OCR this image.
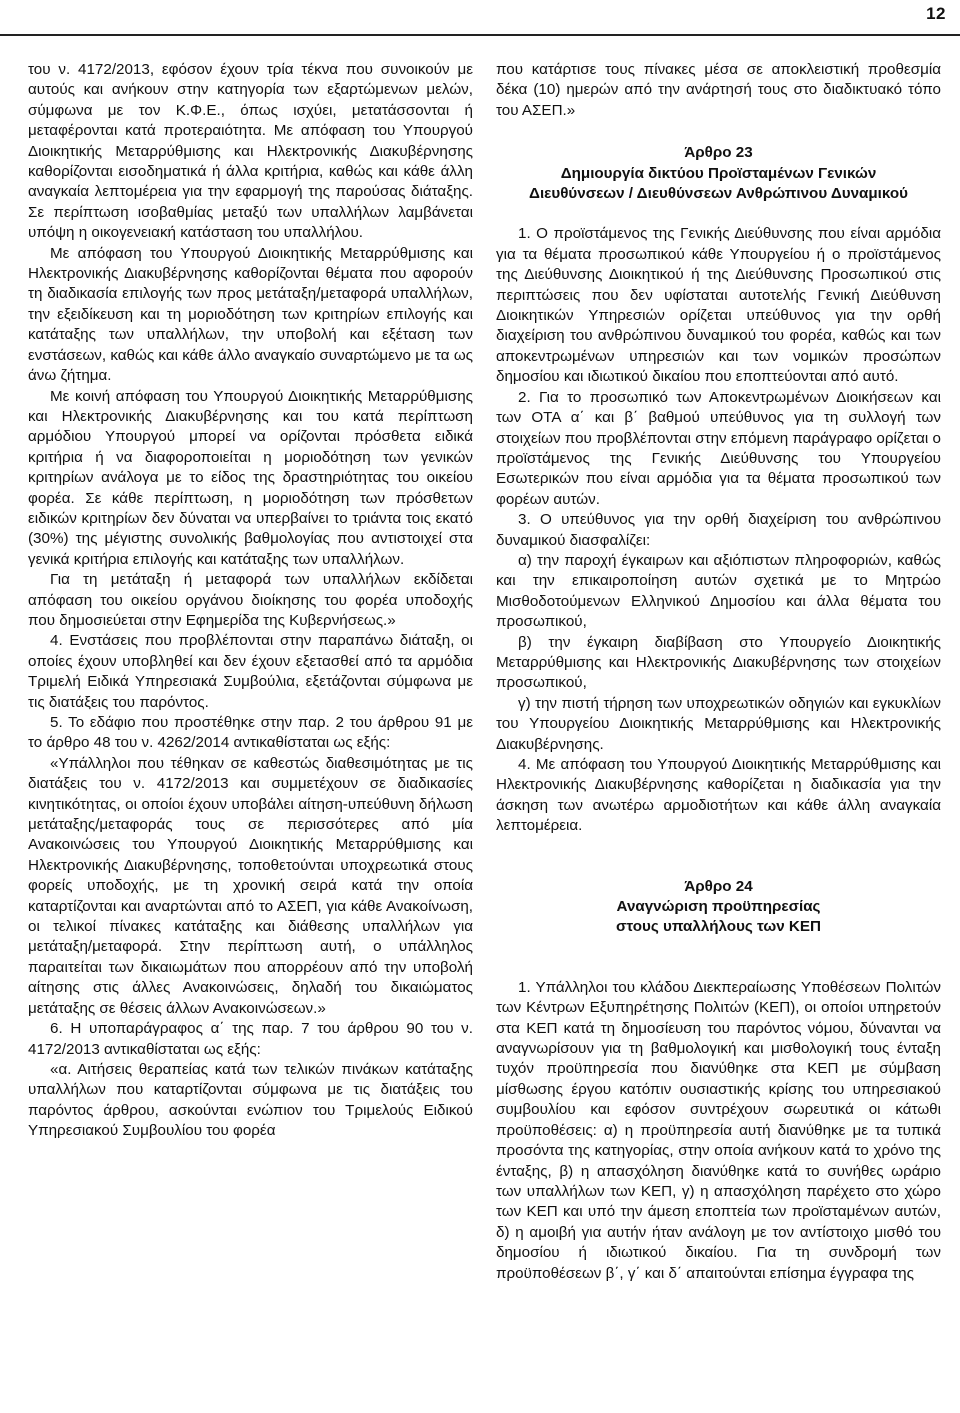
12

του ν. 4172/2013, εφόσον έχουν τρία τέκνα που συνοικούν με αυτούς και ανήκουν στην κατηγορία των εξαρτώμενων μελών, σύμφωνα με τον Κ.Φ.Ε., όπως ισχύει, μετατάσσονται ή μεταφέρονται κατά προτεραιότητα. Με απόφαση του Υπουργού Διοικητικής Μεταρρύθμισης και Ηλεκτρονικής Διακυβέρνησης καθορίζονται εισοδηματικά ή άλλα κριτήρια, καθώς και κάθε άλλη αναγκαία λεπτομέρεια για την εφαρμογή της παρούσας διάταξης. Σε περίπτωση ισοβαθμίας μεταξύ των υπαλλήλων λαμβάνεται υπόψη η οικογενειακή κατάσταση του υπαλλήλου.

Με απόφαση του Υπουργού Διοικητικής Μεταρρύθμισης και Ηλεκτρονικής Διακυβέρνησης καθορίζονται θέματα που αφορούν τη διαδικασία επιλογής των προς μετάταξη/μεταφορά υπαλλήλων, την εξειδίκευση και τη μοριοδότηση των κριτηρίων επιλογής και κατάταξης των υπαλλήλων, την υποβολή και εξέταση των ενστάσεων, καθώς και κάθε άλλο αναγκαίο συναρτώμενο με τα ως άνω ζήτημα.

Με κοινή απόφαση του Υπουργού Διοικητικής Μεταρρύθμισης και Ηλεκτρονικής Διακυβέρνησης και του κατά περίπτωση αρμόδιου Υπουργού μπορεί να ορίζονται πρόσθετα ειδικά κριτήρια ή να διαφοροποιείται η μοριοδότηση των γενικών κριτηρίων ανάλογα με το είδος της δραστηριότητας του οικείου φορέα. Σε κάθε περίπτωση, η μοριοδότηση των πρόσθετων ειδικών κριτηρίων δεν δύναται να υπερβαίνει το τριάντα τοις εκατό (30%) της μέγιστης συνολικής βαθμολογίας που αντιστοιχεί στα γενικά κριτήρια επιλογής και κατάταξης των υπαλλήλων.

Για τη μετάταξη ή μεταφορά των υπαλλήλων εκδίδεται απόφαση του οικείου οργάνου διοίκησης του φορέα υποδοχής που δημοσιεύεται στην Εφημερίδα της Κυβερνήσεως.»

4. Ενστάσεις που προβλέπονται στην παραπάνω διάταξη, οι οποίες έχουν υποβληθεί και δεν έχουν εξετασθεί από τα αρμόδια Τριμελή Ειδικά Υπηρεσιακά Συμβούλια, εξετάζονται σύμφωνα με τις διατάξεις του παρόντος.

5. Το εδάφιο που προστέθηκε στην παρ. 2 του άρθρου 91 με το άρθρο 48 του ν. 4262/2014 αντικαθίσταται ως εξής:

«Υπάλληλοι που τέθηκαν σε καθεστώς διαθεσιμότητας με τις διατάξεις του ν. 4172/2013 και συμμετέχουν σε διαδικασίες κινητικότητας, οι οποίοι έχουν υποβάλει αίτηση-υπεύθυνη δήλωση μετάταξης/μεταφοράς τους σε περισσότερες από μία Ανακοινώσεις του Υπουργού Διοικητικής Μεταρρύθμισης και Ηλεκτρονικής Διακυβέρνησης, τοποθετούνται υποχρεωτικά στους φορείς υποδοχής, με τη χρονική σειρά κατά την οποία καταρτίζονται και αναρτώνται από το ΑΣΕΠ, για κάθε Ανακοίνωση, οι τελικοί πίνακες κατάταξης και διάθεσης υπαλλήλων για μετάταξη/μεταφορά. Στην περίπτωση αυτή, ο υπάλληλος παραιτείται των δικαιωμάτων που απορρέουν από την υποβολή αίτησης στις άλλες Ανακοινώσεις, δηλαδή του δικαιώματος μετάταξης σε θέσεις άλλων Ανακοινώσεων.»

6. Η υποπαράγραφος α΄ της παρ. 7 του άρθρου 90 του ν. 4172/2013 αντικαθίσταται ως εξής:

«α. Αιτήσεις θεραπείας κατά των τελικών πινάκων κατάταξης υπαλλήλων που καταρτίζονται σύμφωνα με τις διατάξεις του παρόντος άρθρου, ασκούνται ενώπιον του Τριμελούς Ειδικού Υπηρεσιακού Συμβουλίου του φορέα

που κατάρτισε τους πίνακες μέσα σε αποκλειστική προθεσμία δέκα (10) ημερών από την ανάρτησή τους στο διαδικτυακό τόπο του ΑΣΕΠ.»

Άρθρο 23
Δημιουργία δικτύου Προϊσταμένων Γενικών
Διευθύνσεων / Διευθύνσεων Ανθρώπινου Δυναμικού

1. Ο προϊστάμενος της Γενικής Διεύθυνσης που είναι αρμόδια για τα θέματα προσωπικού κάθε Υπουργείου ή ο προϊστάμενος της Διεύθυνσης Διοικητικού ή της Διεύθυνσης Προσωπικού στις περιπτώσεις που δεν υφίσταται αυτοτελής Γενική Διεύθυνση Διοικητικών Υπηρεσιών ορίζεται υπεύθυνος για την ορθή διαχείριση του ανθρώπινου δυναμικού του φορέα, καθώς και των αποκεντρωμένων υπηρεσιών και των νομικών προσώπων δημοσίου και ιδιωτικού δικαίου που εποπτεύονται από αυτό.

2. Για το προσωπικό των Αποκεντρωμένων Διοικήσεων και των ΟΤΑ α΄ και β΄ βαθμού υπεύθυνος για τη συλλογή των στοιχείων που προβλέπονται στην επόμενη παράγραφο ορίζεται ο προϊστάμενος της Γενικής Διεύθυνσης του Υπουργείου Εσωτερικών που είναι αρμόδια για τα θέματα προσωπικού των φορέων αυτών.

3. Ο υπεύθυνος για την ορθή διαχείριση του ανθρώπινου δυναμικού διασφαλίζει:

α) την παροχή έγκαιρων και αξιόπιστων πληροφοριών, καθώς και την επικαιροποίηση αυτών σχετικά με το Μητρώο Μισθοδοτούμενων Ελληνικού Δημοσίου και άλλα θέματα του προσωπικού,

β) την έγκαιρη διαβίβαση στο Υπουργείο Διοικητικής Μεταρρύθμισης και Ηλεκτρονικής Διακυβέρνησης των στοιχείων προσωπικού,

γ) την πιστή τήρηση των υποχρεωτικών οδηγιών και εγκυκλίων του Υπουργείου Διοικητικής Μεταρρύθμισης και Ηλεκτρονικής Διακυβέρνησης.

4. Με απόφαση του Υπουργού Διοικητικής Μεταρρύθμισης και Ηλεκτρονικής Διακυβέρνησης καθορίζεται η διαδικασία για την άσκηση των ανωτέρω αρμοδιοτήτων και κάθε άλλη αναγκαία λεπτομέρεια.

Άρθρο 24
Αναγνώριση προϋπηρεσίας
στους υπαλλήλους των ΚΕΠ

1. Υπάλληλοι του κλάδου Διεκπεραίωσης Υποθέσεων Πολιτών των Κέντρων Εξυπηρέτησης Πολιτών (ΚΕΠ), οι οποίοι υπηρετούν στα ΚΕΠ κατά τη δημοσίευση του παρόντος νόμου, δύνανται να αναγνωρίσουν για τη βαθμολογική και μισθολογική τους ένταξη τυχόν προϋπηρεσία που διανύθηκε στα ΚΕΠ με σύμβαση μίσθωσης έργου κατόπιν ουσιαστικής κρίσης του υπηρεσιακού συμβουλίου και εφόσον συντρέχουν σωρευτικά οι κάτωθι προϋποθέσεις: α) η προϋπηρεσία αυτή διανύθηκε με τα τυπικά προσόντα της κατηγορίας, στην οποία ανήκουν κατά το χρόνο της ένταξης, β) η απασχόληση διανύθηκε κατά το συνήθες ωράριο των υπαλλήλων των ΚΕΠ, γ) η απασχόληση παρέχετο στο χώρο των ΚΕΠ και υπό την άμεση εποπτεία των προϊσταμένων αυτών, δ) η αμοιβή για αυτήν ήταν ανάλογη με τον αντίστοιχο μισθό του δημοσίου ή ιδιωτικού δικαίου. Για τη συνδρομή των προϋποθέσεων β΄, γ΄ και δ΄ απαιτούνται επίσημα έγγραφα της
